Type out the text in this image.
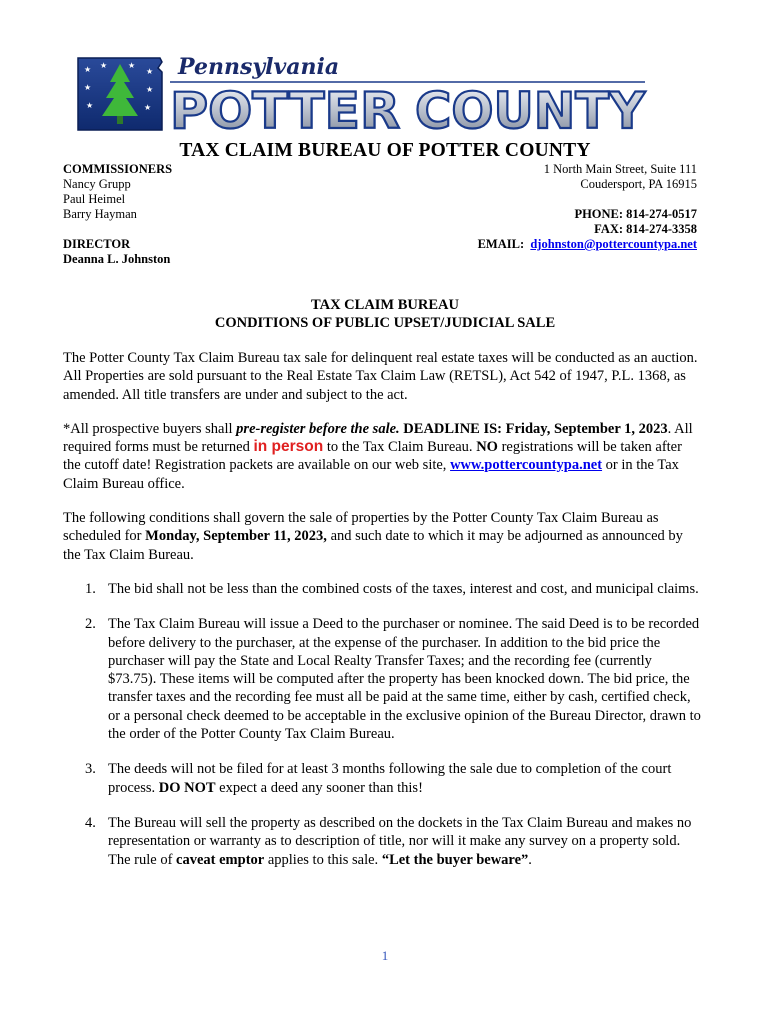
★ ★	★
★
★	★
★	★
Pennsylvania
POTTER COUNTY
TAX CLAIM BUREAU OF POTTER COUNTY
COMMISSIONERS
Nancy Grupp
Paul Heimel
Barry Hayman
DIRECTOR
Deanna L. Johnston
1 North Main Street, Suite 111
Coudersport, PA 16915
PHONE: 814-274-0517
FAX: 814-274-3358
EMAIL: djohnston@pottercountypa.net
TAX CLAIM BUREAU
CONDITIONS OF PUBLIC UPSET/JUDICIAL SALE

The Potter County Tax Claim Bureau tax sale for delinquent real estate taxes will be conducted as an auction. All Properties are sold pursuant to the Real Estate Tax Claim Law (RETSL), Act 542 of 1947, P.L. 1368, as amended. All title transfers are under and subject to the act.

*All prospective buyers shall pre-register before the sale. DEADLINE IS: Friday, September 1, 2023. All required forms must be returned in person to the Tax Claim Bureau. NO registrations will be taken after the cutoff date! Registration packets are available on our web site, www.pottercountypa.net or in the Tax Claim Bureau office.

The following conditions shall govern the sale of properties by the Potter County Tax Claim Bureau as scheduled for Monday, September 11, 2023, and such date to which it may be adjourned as announced by the Tax Claim Bureau.

1. The bid shall not be less than the combined costs of the taxes, interest and cost, and municipal claims.
2. The Tax Claim Bureau will issue a Deed to the purchaser or nominee. The said Deed is to be recorded before delivery to the purchaser, at the expense of the purchaser. In addition to the bid price the purchaser will pay the State and Local Realty Transfer Taxes; and the recording fee (currently $73.75). These items will be computed after the property has been knocked down. The bid price, the transfer taxes and the recording fee must all be paid at the same time, either by cash, certified check, or a personal check deemed to be acceptable in the exclusive opinion of the Bureau Director, drawn to the order of the Potter County Tax Claim Bureau.
3. The deeds will not be filed for at least 3 months following the sale due to completion of the court process. DO NOT expect a deed any sooner than this!
4. The Bureau will sell the property as described on the dockets in the Tax Claim Bureau and makes no representation or warranty as to description of title, nor will it make any survey on a property sold. The rule of caveat emptor applies to this sale. “Let the buyer beware”.
1
